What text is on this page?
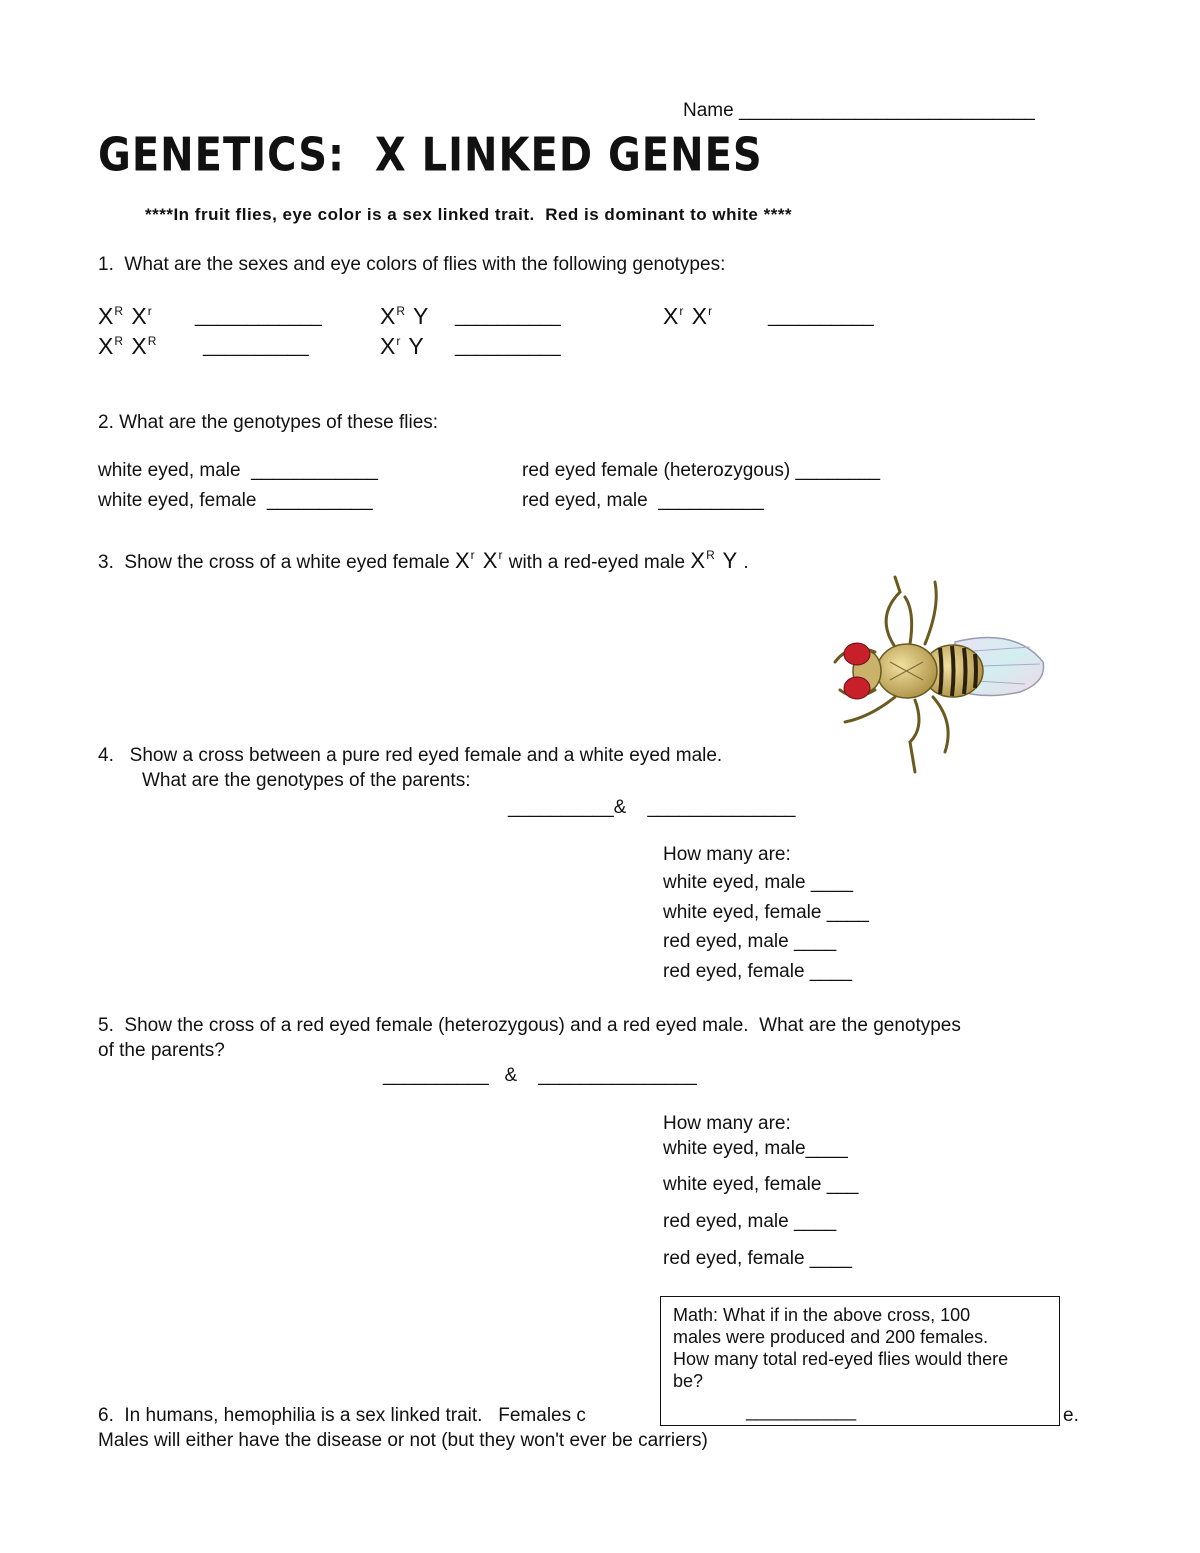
Name ____________________________
GENETICS:  X LINKED GENES
****In fruit flies, eye color is a sex linked trait.  Red is dominant to white ****
1.  What are the sexes and eye colors of flies with the following genotypes:
$X^R$ $X^r$ ____________	$X^R$ Y __________	$X^r$ $X^r$	__________
$X^R$ $X^R$ __________	$X^r$ Y __________
2. What are the genotypes of these flies:
white eyed, male  ____________
white eyed, female  __________
red eyed female (heterozygous) ________
red eyed, male  __________
3.  Show the cross of a white eyed female $X^r$ $X^r$ with a red-eyed male $X^R$ Y .
4.   Show a cross between a pure red eyed female and a white eyed male.
What are the genotypes of the parents:
__________&    ______________
How many are:
white eyed, male ____
white eyed, female ____
red eyed, male ____
red eyed, female ____
5.  Show the cross of a red eyed female (heterozygous) and a red eyed male.  What are the genotypes
of the parents?
__________   &    _______________
How many are:
white eyed, male____
white eyed, female ___
red eyed, male ____
red eyed, female ____
6.  In humans, hemophilia is a sex linked trait.   Females c	e.
Males will either have the disease or not (but they won't ever be carriers)
Math: What if in the above cross, 100
males were produced and 200 females.
How many total red-eyed flies would there
be?
___________
